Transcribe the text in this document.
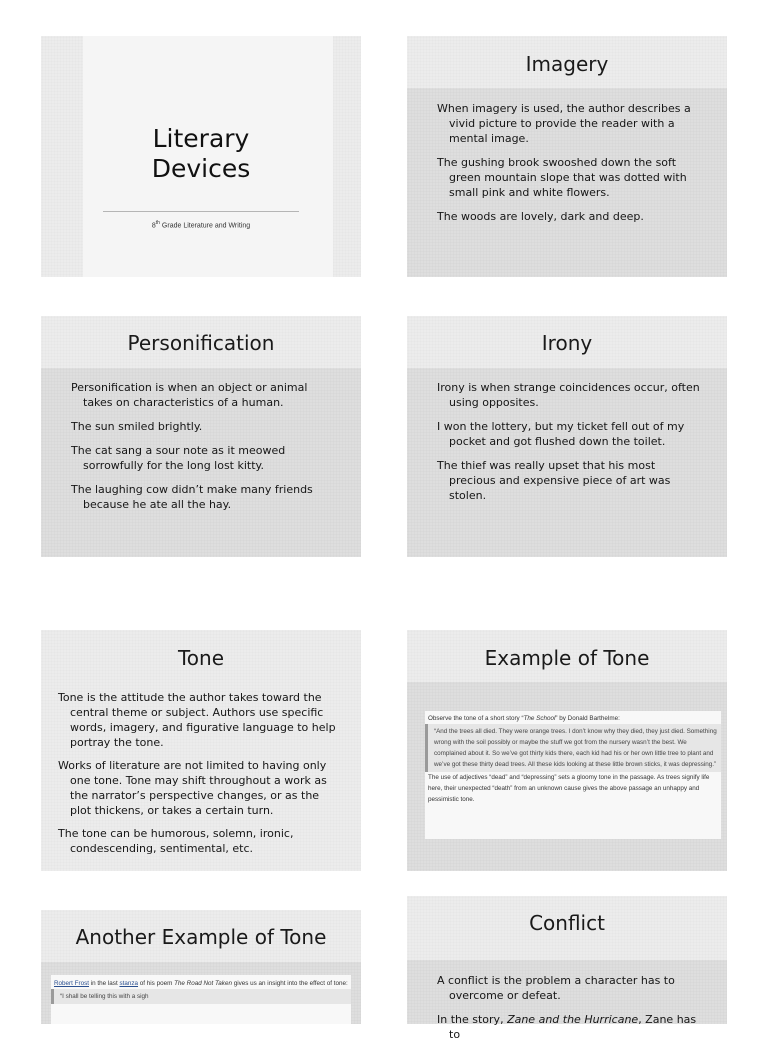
Literary
Devices
8th Grade Literature and Writing
Imagery
When imagery is used, the author describes a vivid picture to provide the reader with a mental image.
The gushing brook swooshed down the soft green mountain slope that was dotted with small pink and white flowers.
The woods are lovely, dark and deep.
Personification
Personification is when an object or animal takes on characteristics of a human.
The sun smiled brightly.
The cat sang a sour note as it meowed sorrowfully for the long lost kitty.
The laughing cow didn’t make many friends because he ate all the hay.
Irony
Irony is when strange coincidences occur, often using opposites.
I won the lottery, but my ticket fell out of my pocket and got flushed down the toilet.
The thief was really upset that his most precious and expensive piece of art was stolen.
Tone
Tone is the attitude the author takes toward the central theme or subject. Authors use specific words, imagery, and figurative language to help portray the tone.
Works of literature are not limited to having only one tone. Tone may shift throughout a work as the narrator’s perspective changes, or as the plot thickens, or takes a certain turn.
The tone can be humorous, solemn, ironic, condescending, sentimental, etc.
Example of Tone

Observe the tone of a short story “The School” by Donald Barthelme:

“And the trees all died. They were orange trees. I don’t know why they died, they just died. Something wrong with the soil possibly or maybe the stuff we got from the nursery wasn’t the best. We complained about it. So we’ve got thirty kids there, each kid had his or her own little tree to plant and we’ve got these thirty dead trees. All these kids looking at these little brown sticks, it was depressing.”

The use of adjectives “dead” and “depressing” sets a gloomy tone in the passage. As trees signify life here, their unexpected “death” from an unknown cause gives the above passage an unhappy and pessimistic tone.

Another Example of Tone

Robert Frost in the last stanza of his poem The Road Not Taken gives us an insight into the effect of tone:

“I shall be telling this with a sigh

Conflict
A conflict is the problem a character has to overcome or defeat.
In the story, Zane and the Hurricane, Zane has to
